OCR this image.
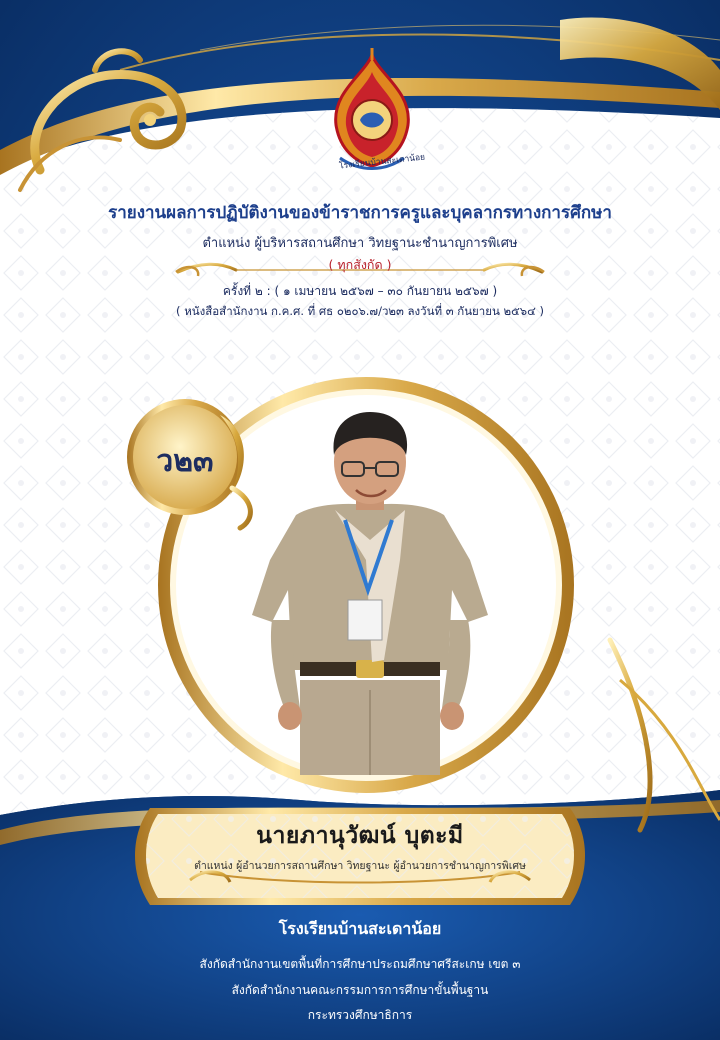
โรงเรียนบ้านสะเดาน้อย
รายงานผลการปฏิบัติงานของข้าราชการครูและบุคลากรทางการศึกษา
ตำแหน่ง ผู้บริหารสถานศึกษา วิทยฐานะชำนาญการพิเศษ
( ทุกสังกัด )
ครั้งที่ ๒ : ( ๑ เมษายน ๒๕๖๗ – ๓๐ กันยายน ๒๕๖๗ )
( หนังสือสำนักงาน ก.ค.ศ. ที่ ศธ ๐๒๐๖.๗/ว๒๓ ลงวันที่ ๓ กันยายน ๒๕๖๔ )
ว๒๓
นายภานุวัฒน์ บุตะมี
ตำแหน่ง ผู้อำนวยการสถานศึกษา วิทยฐานะ ผู้อำนวยการชำนาญการพิเศษ
โรงเรียนบ้านสะเดาน้อย
สังกัดสำนักงานเขตพื้นที่การศึกษาประถมศึกษาศรีสะเกษ เขต ๓
สังกัดสำนักงานคณะกรรมการการศึกษาขั้นพื้นฐาน
กระทรวงศึกษาธิการ
